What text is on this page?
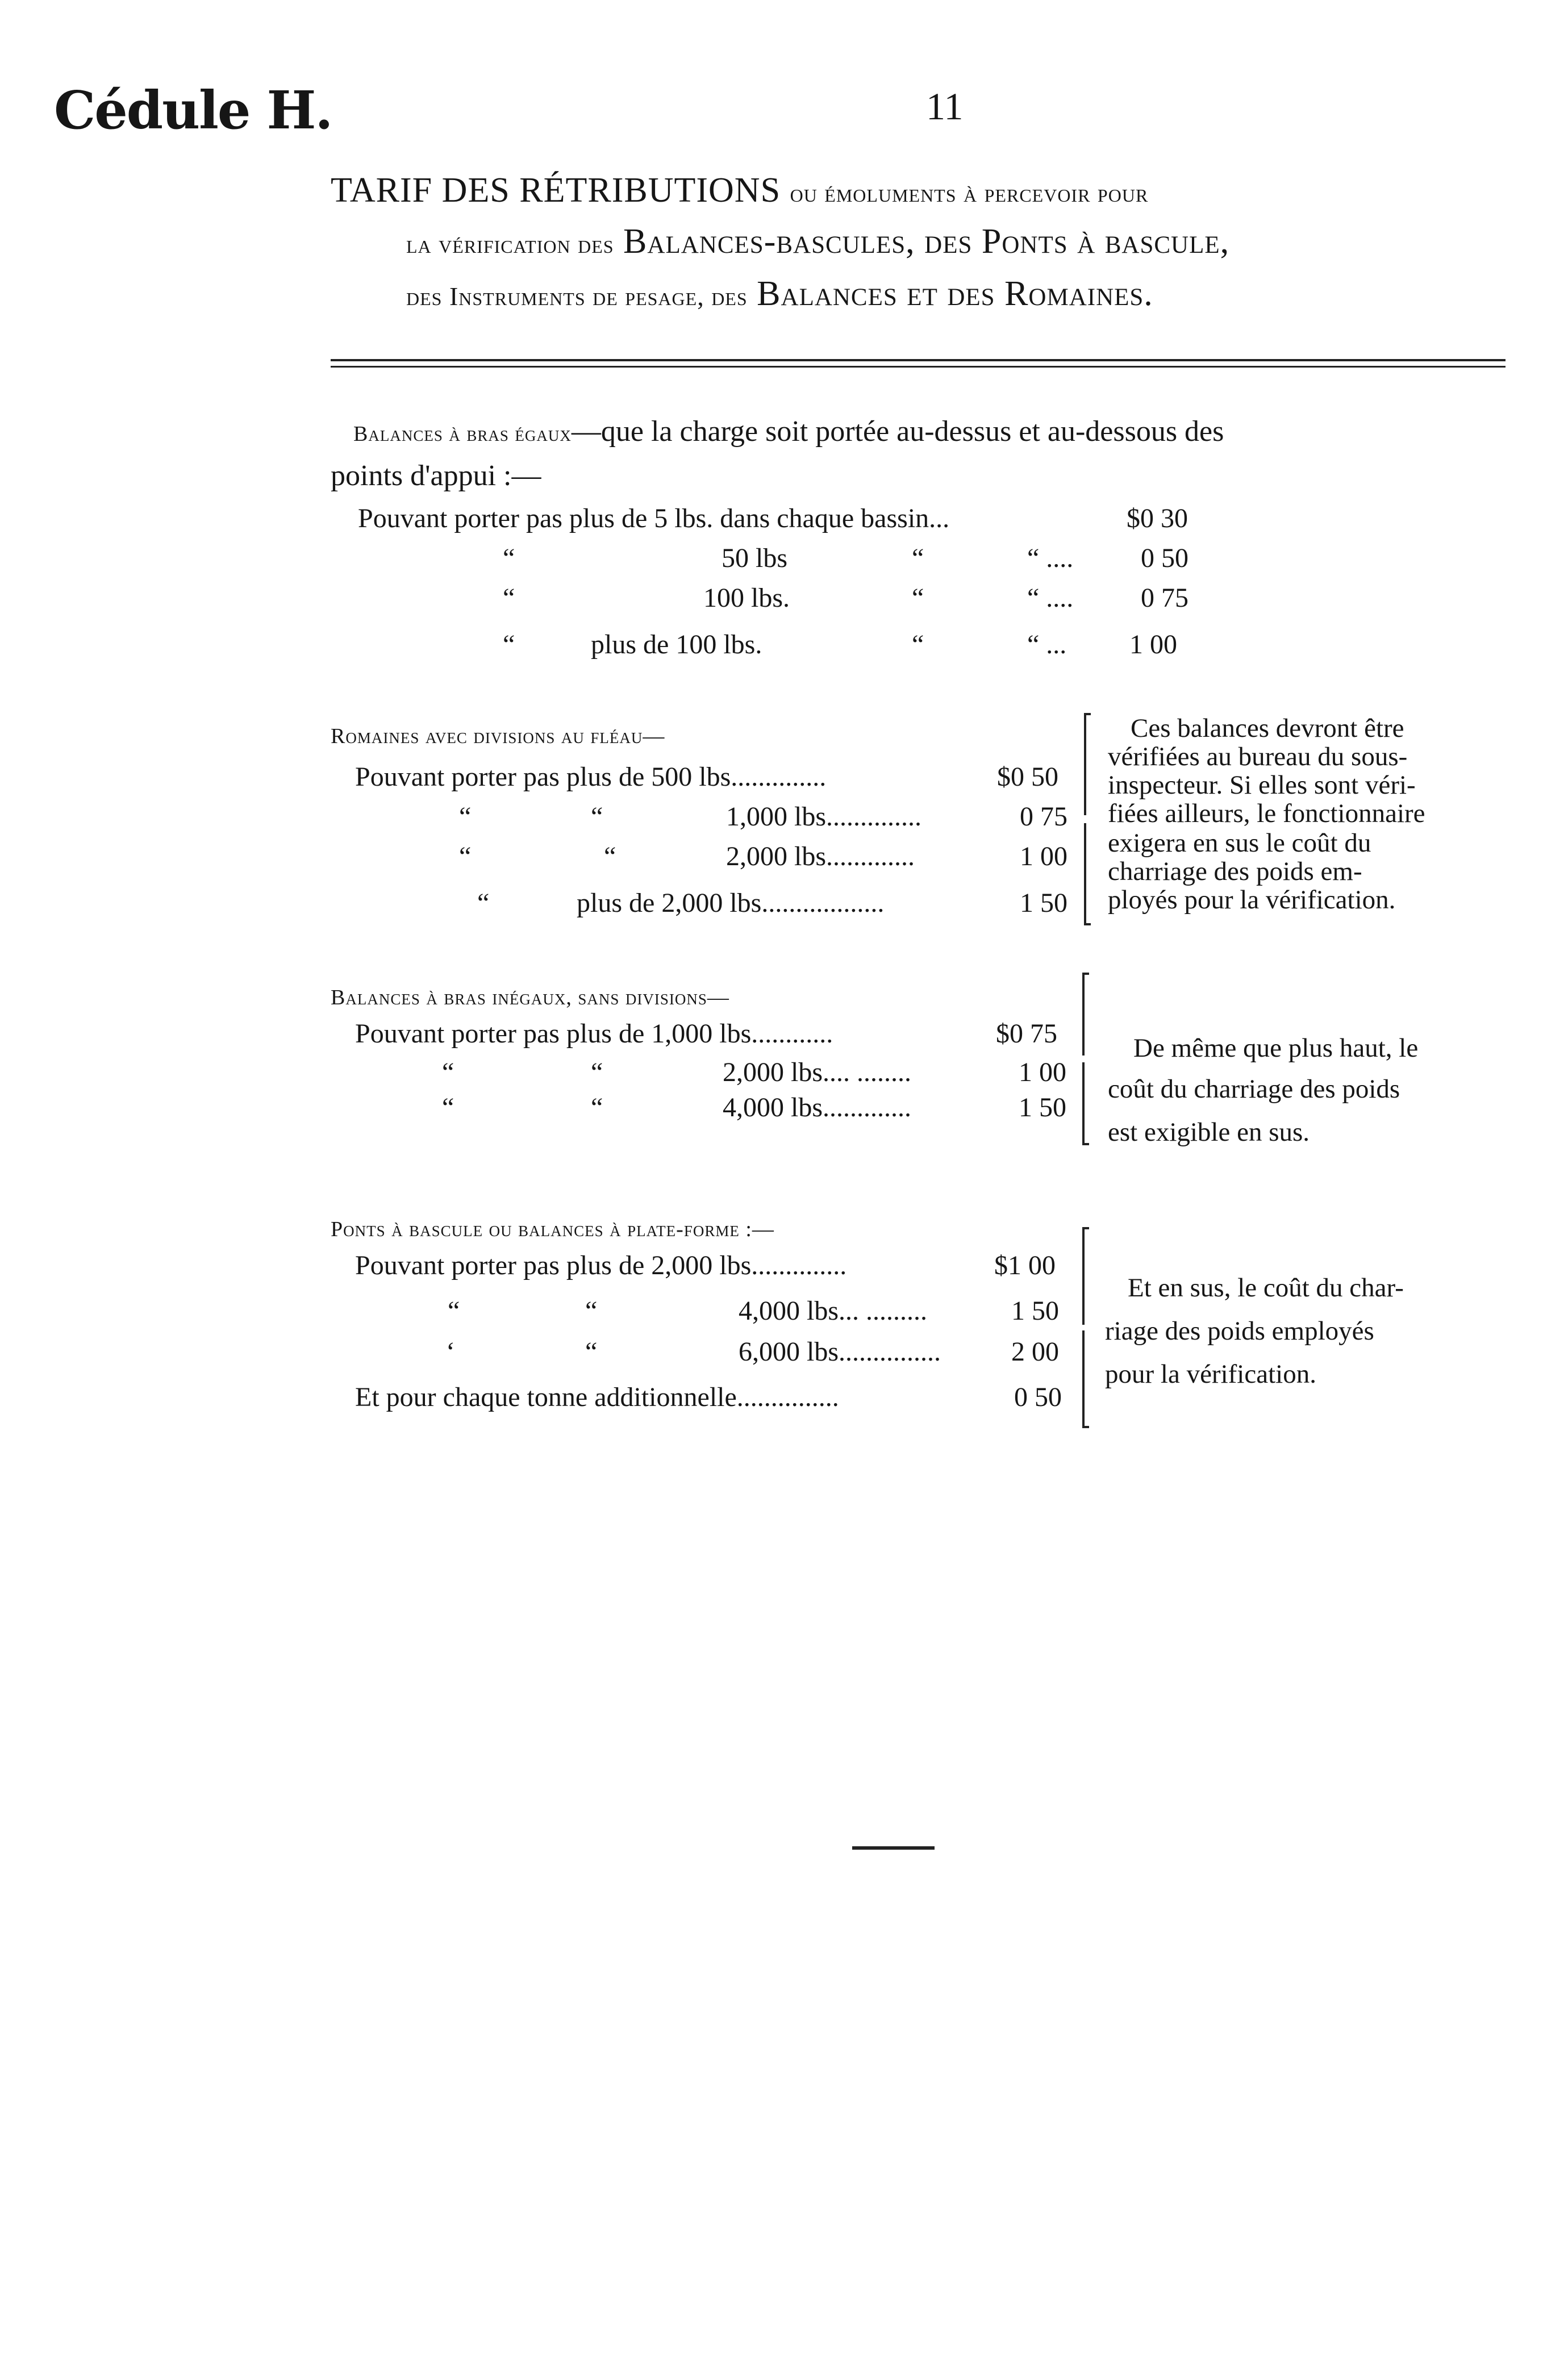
Cédule H.	11
TARIF DES RÉTRIBUTIONS ou émoluments à percevoir pour
la vérification des Balances-bascules, des Ponts à bascule,
des Instruments de pesage, des Balances et des Romaines.
Balances à bras égaux—que la charge soit portée au-dessus et au-dessous des
points d'appui :—
Pouvant porter pas plus de 5 lbs. dans chaque bassin...	$0 30
“	50 lbs	“	“ .... 0 50
“	100 lbs.	“	“ .... 0 75
“	plus de 100 lbs.	“	“ ... 1 00
Romaines avec divisions au fléau—
Pouvant porter pas plus de 500 lbs..............	$0 50
“	“	1,000 lbs..............	0 75
“	“	2,000 lbs.............	1 00
“	plus de 2,000 lbs..................	1 50
Ces balances devront être
vérifiées au bureau du sous-
inspecteur. Si elles sont véri-
fiées ailleurs, le fonctionnaire
exigera en sus le coût du
charriage des poids em-
ployés pour la vérification.
Balances à bras inégaux, sans divisions—
Pouvant porter pas plus de 1,000 lbs............	$0 75
“	“	2,000 lbs.... ........	1 00
“	“	4,000 lbs.............	1 50
De même que plus haut, le
coût du charriage des poids
est exigible en sus.
Ponts à bascule ou balances à plate-forme :—
Pouvant porter pas plus de 2,000 lbs..............	$1 00
“	“	4,000 lbs... .........	1 50
‘	“	6,000 lbs...............	2 00
Et pour chaque tonne additionnelle...............	0 50
Et en sus, le coût du char-
riage des poids employés
pour la vérification.
